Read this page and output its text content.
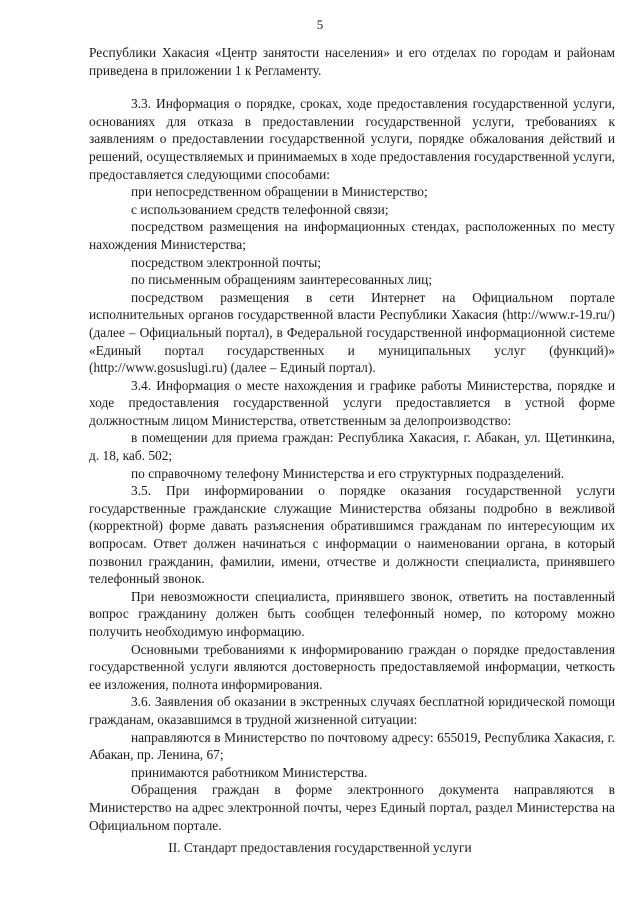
5

Республики Хакасия «Центр занятости населения» и его отделах по городам и районам приведена в приложении 1 к Регламенту.

3.3. Информация о порядке, сроках, ходе предоставления государственной услуги, основаниях для отказа в предоставлении государственной услуги, требованиях к заявлениям о предоставлении государственной услуги, порядке обжалования действий и решений, осуществляемых и принимаемых в ходе предоставления государственной услуги, предоставляется следующими способами:

при непосредственном обращении в Министерство;

с использованием средств телефонной связи;

посредством размещения на информационных стендах, расположенных по месту нахождения Министерства;

посредством электронной почты;

по письменным обращениям заинтересованных лиц;

посредством размещения в сети Интернет на Официальном портале исполнительных органов государственной власти Республики Хакасия (http://www.r-19.ru/) (далее – Официальный портал), в Федеральной государственной информационной системе «Единый портал государственных и муниципальных услуг (функций)» (http://www.gosuslugi.ru) (далее – Единый портал).

3.4. Информация о месте нахождения и графике работы Министерства, порядке и ходе предоставления государственной услуги предоставляется в устной форме должностным лицом Министерства, ответственным за делопроизводство:

в помещении для приема граждан: Республика Хакасия, г. Абакан, ул. Щетинкина, д. 18, каб. 502;

по справочному телефону Министерства и его структурных подразделений.

3.5. При информировании о порядке оказания государственной услуги государственные гражданские служащие Министерства обязаны подробно в вежливой (корректной) форме давать разъяснения обратившимся гражданам по интересующим их вопросам. Ответ должен начинаться с информации о наименовании органа, в который позвонил гражданин, фамилии, имени, отчестве и должности специалиста, принявшего телефонный звонок.

При невозможности специалиста, принявшего звонок, ответить на поставленный вопрос гражданину должен быть сообщен телефонный номер, по которому можно получить необходимую информацию.

Основными требованиями к информированию граждан о порядке предоставления государственной услуги являются достоверность предоставляемой информации, четкость ее изложения, полнота информирования.

3.6. Заявления об оказании в экстренных случаях бесплатной юридической помощи гражданам, оказавшимся в трудной жизненной ситуации:

направляются в Министерство по почтовому адресу: 655019, Республика Хакасия, г. Абакан, пр. Ленина, 67;

принимаются работником Министерства.

Обращения граждан в форме электронного документа направляются в Министерство на адрес электронной почты, через Единый портал, раздел Министерства на Официальном портале.

II. Стандарт предоставления государственной услуги
